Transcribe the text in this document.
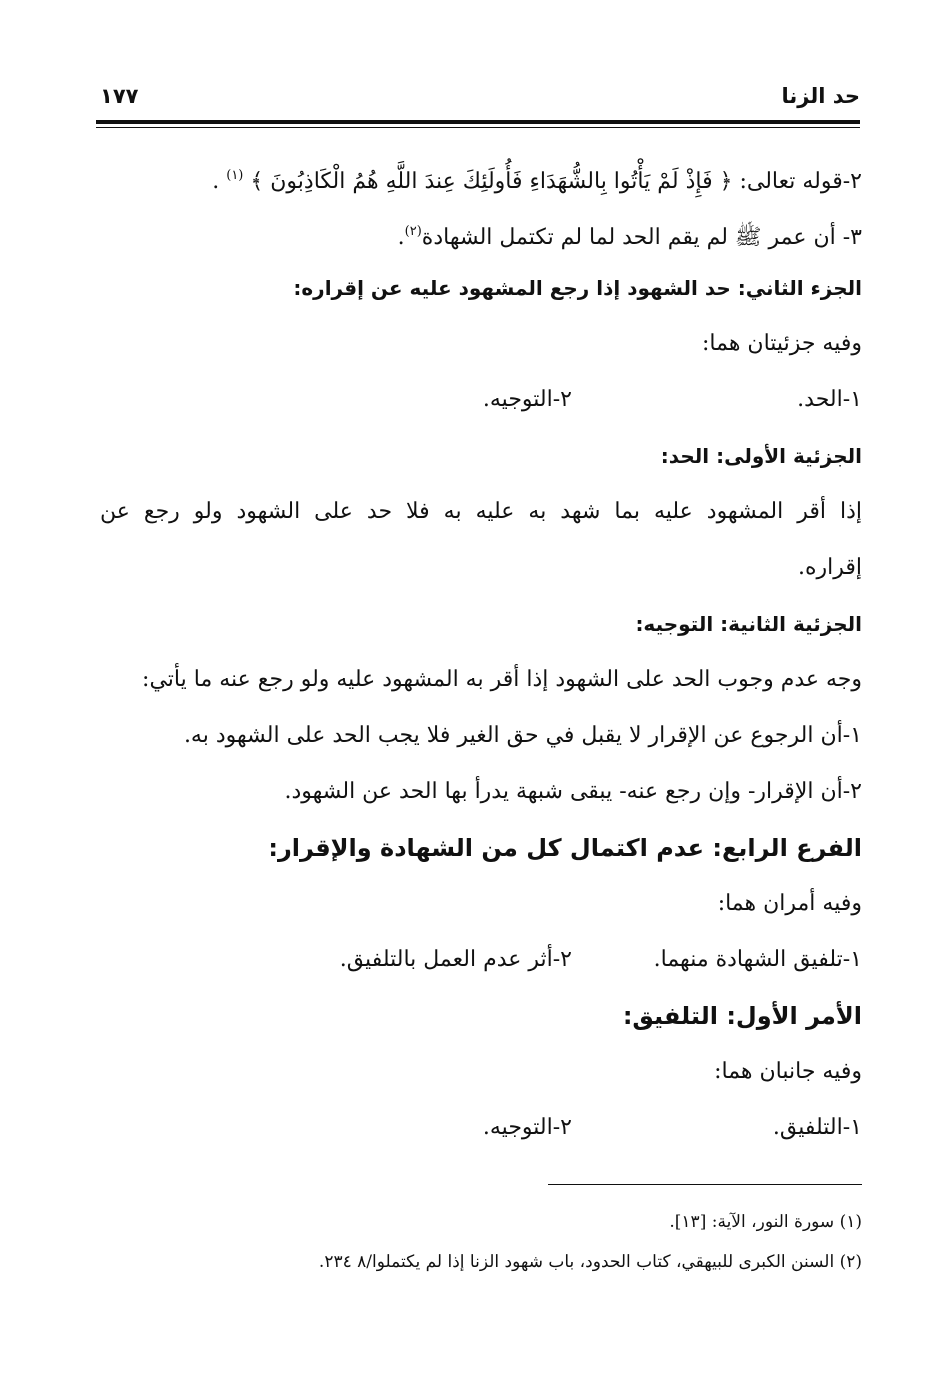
حد الزنا
١٧٧
٢-قوله تعالى: ﴿ فَإِذْ لَمْ يَأْتُوا بِالشُّهَدَاءِ فَأُولَئِكَ عِندَ اللَّهِ هُمُ الْكَاذِبُونَ ﴾ $^{(١)}$ .
٣- أن عمر ﷺ لم يقم الحد لما لم تكتمل الشهادة$^{(٢)}$.
الجزء الثاني: حد الشهود إذا رجع المشهود عليه عن إقراره:
وفيه جزئيتان هما:
١-الحد.
٢-التوجيه.
الجزئية الأولى: الحد:
إذا أقر المشهود عليه بما شهد به عليه به فلا حد على الشهود ولو رجع عن
إقراره.
الجزئية الثانية: التوجيه:
وجه عدم وجوب الحد على الشهود إذا أقر به المشهود عليه ولو رجع عنه ما يأتي:
١-أن الرجوع عن الإقرار لا يقبل في حق الغير فلا يجب الحد على الشهود به.
٢-أن الإقرار- وإن رجع عنه- يبقى شبهة يدرأ بها الحد عن الشهود.
الفرع الرابع: عدم اكتمال كل من الشهادة والإقرار:
وفيه أمران هما:
١-تلفيق الشهادة منهما.
٢-أثر عدم العمل بالتلفيق.
الأمر الأول: التلفيق:
وفيه جانبان هما:
١-التلفيق.
٢-التوجيه.
(١) سورة النور، الآية: [١٣].
(٢) السنن الكبرى للبيهقي، كتاب الحدود، باب شهود الزنا إذا لم يكتملوا/٨ ٢٣٤.
